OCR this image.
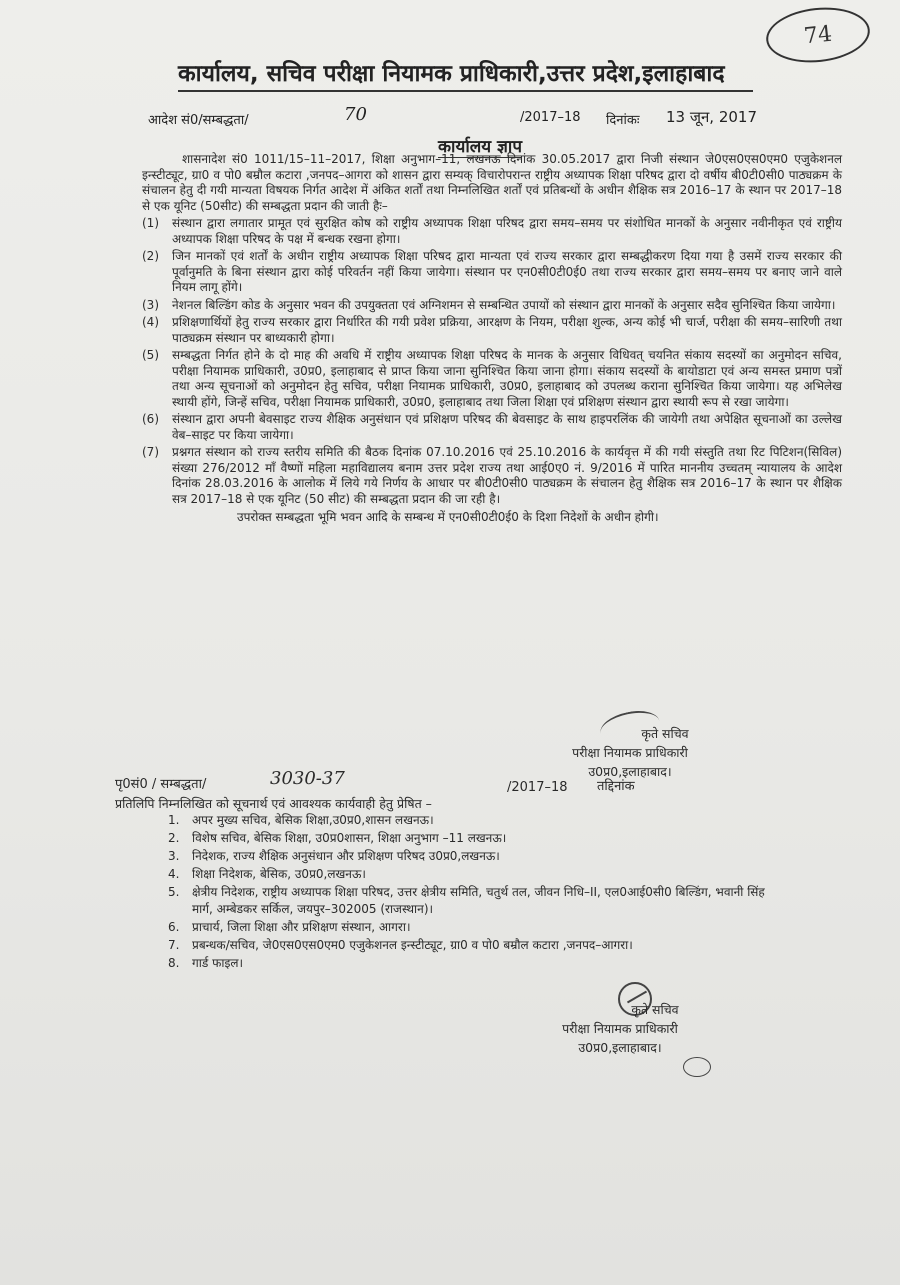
74
कार्यालय, सचिव परीक्षा नियामक प्राधिकारी,उत्तर प्रदेश,इलाहाबाद
आदेश सं0/सम्बद्धता/	70	/2017–18 दिनांकः 13 जून, 2017
कार्यालय ज्ञाप

शासनादेश सं0 1011/15–11–2017, शिक्षा अनुभाग–11, लखनऊ दिनांक 30.05.2017 द्वारा निजी संस्थान जे0एस0एस0एम0 एजुकेशनल इन्स्टीट्यूट, ग्रा0 व पो0 बम्रौल कटारा ,जनपद–आगरा को शासन द्वारा सम्यक् विचारोपरान्त राष्ट्रीय अध्यापक शिक्षा परिषद द्वारा दो वर्षीय बी0टी0सी0 पाठ्यक्रम के संचालन हेतु दी गयी मान्यता विषयक निर्गत आदेश में अंकित शर्तों तथा निम्नलिखित शर्तों एवं प्रतिबन्धों के अधीन शैक्षिक सत्र 2016–17 के स्थान पर 2017–18 से एक यूनिट (50सीट) की सम्बद्धता प्रदान की जाती हैः–

(1)	संस्थान द्वारा लगातार प्रामूत एवं सुरक्षित कोष को राष्ट्रीय अध्यापक शिक्षा परिषद द्वारा समय–समय पर संशोधित मानकों के अनुसार नवीनीकृत एवं राष्ट्रीय अध्यापक शिक्षा परिषद के पक्ष में बन्धक रखना होगा।
(2)	जिन मानकों एवं शर्तों के अधीन राष्ट्रीय अध्यापक शिक्षा परिषद द्वारा मान्यता एवं राज्य सरकार द्वारा सम्बद्धीकरण दिया गया है उसमें राज्य सरकार की पूर्वानुमति के बिना संस्थान द्वारा कोई परिवर्तन नहीं किया जायेगा। संस्थान पर एन0सी0टी0ई0 तथा राज्य सरकार द्वारा समय–समय पर बनाए जाने वाले नियम लागू होंगे।
(3)	नेशनल बिल्डिंग कोड के अनुसार भवन की उपयुक्तता एवं अग्निशमन से सम्बन्धित उपायों को संस्थान द्वारा मानकों के अनुसार सदैव सुनिश्चित किया जायेगा।
(4)	प्रशिक्षणार्थियों हेतु राज्य सरकार द्वारा निर्धारित की गयी प्रवेश प्रक्रिया, आरक्षण के नियम, परीक्षा शुल्क, अन्य कोई भी चार्ज, परीक्षा की समय–सारिणी तथा पाठ्यक्रम संस्थान पर बाध्यकारी होगा।
(5)	सम्बद्धता निर्गत होने के दो माह की अवधि में राष्ट्रीय अध्यापक शिक्षा परिषद के मानक के अनुसार विधिवत् चयनित संकाय सदस्यों का अनुमोदन सचिव, परीक्षा नियामक प्राधिकारी, उ0प्र0, इलाहाबाद से प्राप्त किया जाना सुनिश्चित किया जाना होगा। संकाय सदस्यों के बायोडाटा एवं अन्य समस्त प्रमाण पत्रों तथा अन्य सूचनाओं को अनुमोदन हेतु सचिव, परीक्षा नियामक प्राधिकारी, उ0प्र0, इलाहाबाद को उपलब्ध कराना सुनिश्चित किया जायेगा। यह अभिलेख स्थायी होंगे, जिन्हें सचिव, परीक्षा नियामक प्राधिकारी, उ0प्र0, इलाहाबाद तथा जिला शिक्षा एवं प्रशिक्षण संस्थान द्वारा स्थायी रूप से रखा जायेगा।
(6)	संस्थान द्वारा अपनी बेवसाइट राज्य शैक्षिक अनुसंधान एवं प्रशिक्षण परिषद की बेवसाइट के साथ हाइपरलिंक की जायेगी तथा अपेक्षित सूचनाओं का उल्लेख वेब–साइट पर किया जायेगा।
(7)	प्रश्नगत संस्थान को राज्य स्तरीय समिति की बैठक दिनांक 07.10.2016 एवं 25.10.2016 के कार्यवृत्त में की गयी संस्तुति तथा रिट पिटिशन(सिविल) संख्या 276/2012 माँ वैष्णों महिला महाविद्यालय बनाम उत्तर प्रदेश राज्य तथा आई0ए0 नं. 9/2016 में पारित माननीय उच्चतम् न्यायालय के आदेश दिनांक 28.03.2016 के आलोक में लिये गये निर्णय के आधार पर बी0टी0सी0 पाठ्यक्रम के संचालन हेतु शैक्षिक सत्र 2016–17 के स्थान पर शैक्षिक सत्र 2017–18 से एक यूनिट (50 सीट) की सम्बद्धता प्रदान की जा रही है।

उपरोक्त सम्बद्धता भूमि भवन आदि के सम्बन्ध में एन0सी0टी0ई0 के दिशा निदेशों के अधीन होगी।

कृते सचिव
परीक्षा नियामक प्राधिकारी
उ0प्र0,इलाहाबाद।
पृ0सं0 / सम्बद्धता/	3030-37	/2017–18 तद्दिनांक
प्रतिलिपि निम्नलिखित को सूचनार्थ एवं आवश्यक कार्यवाही हेतु प्रेषित –
1.	अपर मुख्य सचिव, बेसिक शिक्षा,उ0प्र0,शासन लखनऊ।
2.	विशेष सचिव, बेसिक शिक्षा, उ0प्र0शासन, शिक्षा अनुभाग –11 लखनऊ।
3.	निदेशक, राज्य शैक्षिक अनुसंधान और प्रशिक्षण परिषद उ0प्र0,लखनऊ।
4.	शिक्षा निदेशक, बेसिक, उ0प्र0,लखनऊ।
5.	क्षेत्रीय निदेशक, राष्ट्रीय अध्यापक शिक्षा परिषद, उत्तर क्षेत्रीय समिति, चतुर्थ तल, जीवन निधि–II, एल0आई0सी0 बिल्डिंग, भवानी सिंह मार्ग, अम्बेडकर सर्किल, जयपुर–302005 (राजस्थान)।
6.	प्राचार्य, जिला शिक्षा और प्रशिक्षण संस्थान, आगरा।
7.	प्रबन्धक/सचिव, जे0एस0एस0एम0 एजुकेशनल इन्स्टीट्यूट, ग्रा0 व पो0 बम्रौल कटारा ,जनपद–आगरा।
8.	गार्ड फाइल।
कृते सचिव
परीक्षा नियामक प्राधिकारी
उ0प्र0,इलाहाबाद।
